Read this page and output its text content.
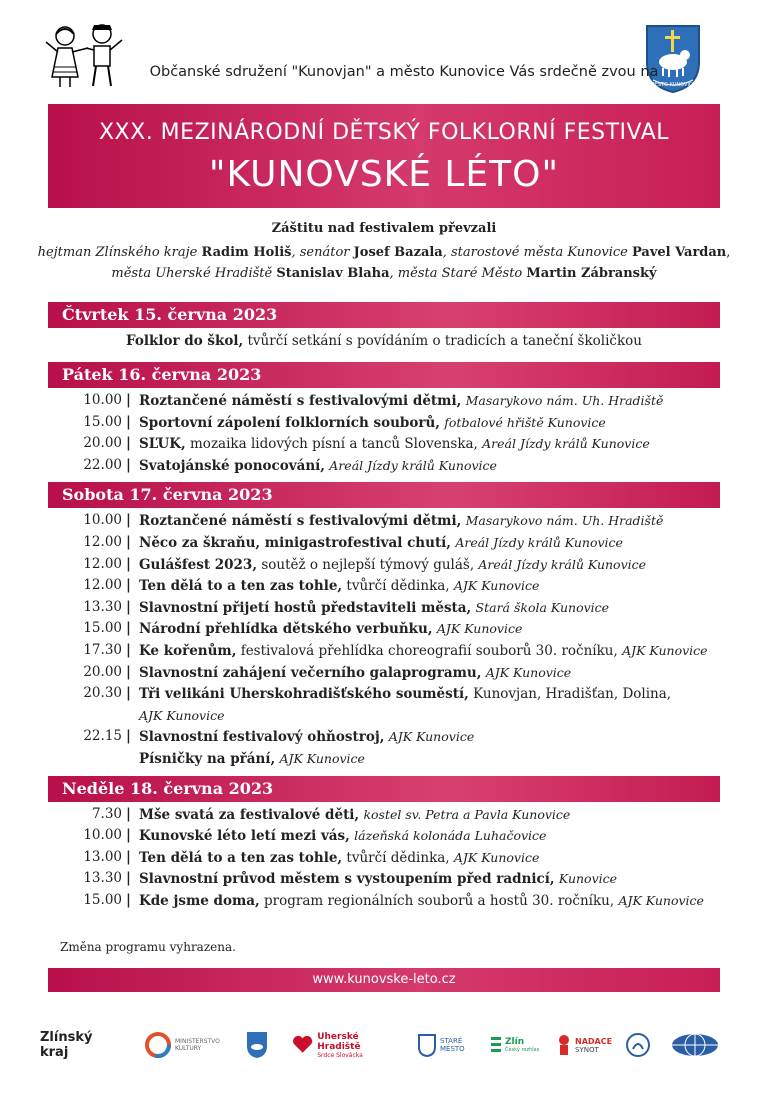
MĚSTO KUNOVICE
Občanské sdružení "Kunovjan" a město Kunovice Vás srdečně zvou na
XXX. MEZINÁRODNÍ DĚTSKÝ FOLKLORNÍ FESTIVAL
"KUNOVSKÉ LÉTO"
Záštitu nad festivalem převzali
hejtman Zlínského kraje Radim Holiš, senátor Josef Bazala, starostové města Kunovice Pavel Vardan,
města Uherské Hradiště Stanislav Blaha, města Staré Město Martin Zábranský
Čtvrtek 15. června 2023
Folklor do škol, tvůrčí setkání s povídáním o tradicích a taneční školičkou
Pátek 16. června 2023
10.00 | Roztančené náměstí s festivalovými dětmi, Masarykovo nám. Uh. Hradiště
15.00 | Sportovní zápolení folklorních souborů, fotbalové hřiště Kunovice
20.00 | SĽUK, mozaika lidových písní a tanců Slovenska, Areál Jízdy králů Kunovice
22.00 | Svatojánské ponocování, Areál Jízdy králů Kunovice
Sobota 17. června 2023
10.00 | Roztančené náměstí s festivalovými dětmi, Masarykovo nám. Uh. Hradiště
12.00 | Něco za škraňu, minigastrofestival chutí, Areál Jízdy králů Kunovice
12.00 | Gulášfest 2023, soutěž o nejlepší týmový guláš, Areál Jízdy králů Kunovice
12.00 | Ten dělá to a ten zas tohle, tvůrčí dědinka, AJK Kunovice
13.30 | Slavnostní přijetí hostů představiteli města, Stará škola Kunovice
15.00 | Národní přehlídka dětského verbuňku, AJK Kunovice
17.30 | Ke kořenům, festivalová přehlídka choreografií souborů 30. ročníku, AJK Kunovice
20.00 | Slavnostní zahájení večerního galaprogramu, AJK Kunovice
20.30 | Tři velikáni Uherskohradišťského souměstí, Kunovjan, Hradišťan, Dolina,
AJK Kunovice
22.15 | Slavnostní festivalový ohňostroj, AJK Kunovice
Písničky na přání, AJK Kunovice
Neděle 18. června 2023
7.30 | Mše svatá za festivalové děti, kostel sv. Petra a Pavla Kunovice
10.00 | Kunovské léto letí mezi vás, lázeňská kolonáda Luhačovice
13.00 | Ten dělá to a ten zas tohle, tvůrčí dědinka, AJK Kunovice
13.30 | Slavnostní průvod městem s vystoupením před radnicí, Kunovice
15.00 | Kde jsme doma, program regionálních souborů a hostů 30. ročníku, AJK Kunovice
Změna programu vyhrazena.
www.kunovske-leto.cz
Zlínský kraj
MINISTERSTVO KULTURY
Uherské Hradiště
Srdce Slovácka
STARÉ MĚSTO
Zlín
Český rozhlas
NADACE
SYNOT
